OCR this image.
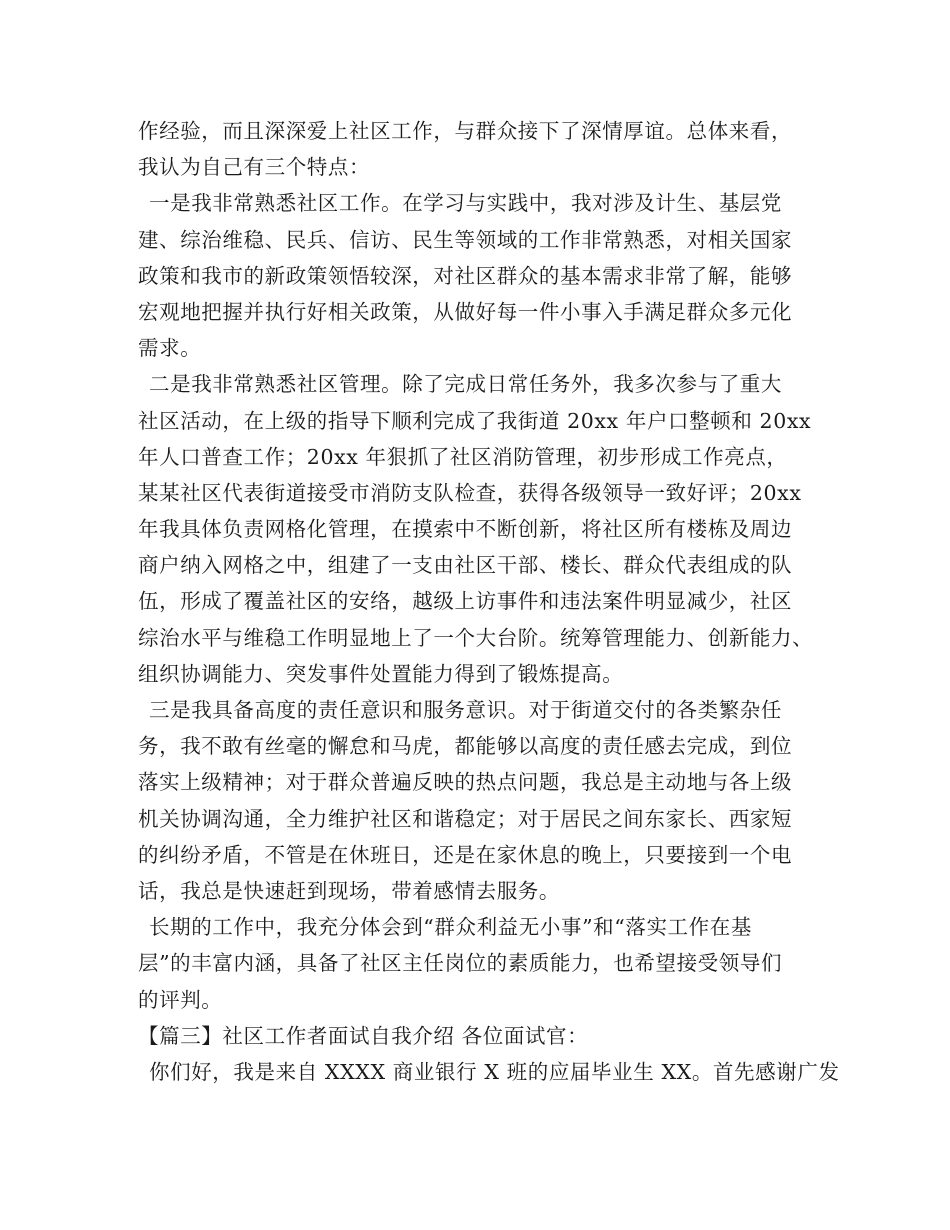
作经验，而且深深爱上社区工作，与群众接下了深情厚谊。总体来看，
我认为自己有三个特点：
一是我非常熟悉社区工作。在学习与实践中，我对涉及计生、基层党
建、综治维稳、民兵、信访、民生等领域的工作非常熟悉，对相关国家
政策和我市的新政策领悟较深，对社区群众的基本需求非常了解，能够
宏观地把握并执行好相关政策，从做好每一件小事入手满足群众多元化
需求。
二是我非常熟悉社区管理。除了完成日常任务外，我多次参与了重大
社区活动，在上级的指导下顺利完成了我街道 20xx 年户口整顿和 20xx
年人口普查工作；20xx 年狠抓了社区消防管理，初步形成工作亮点，
某某社区代表街道接受市消防支队检查，获得各级领导一致好评；20xx
年我具体负责网格化管理，在摸索中不断创新，将社区所有楼栋及周边
商户纳入网格之中，组建了一支由社区干部、楼长、群众代表组成的队
伍，形成了覆盖社区的安络，越级上访事件和违法案件明显减少，社区
综治水平与维稳工作明显地上了一个大台阶。统筹管理能力、创新能力、
组织协调能力、突发事件处置能力得到了锻炼提高。
三是我具备高度的责任意识和服务意识。对于街道交付的各类繁杂任
务，我不敢有丝毫的懈怠和马虎，都能够以高度的责任感去完成，到位
落实上级精神；对于群众普遍反映的热点问题，我总是主动地与各上级
机关协调沟通，全力维护社区和谐稳定；对于居民之间东家长、西家短
的纠纷矛盾，不管是在休班日，还是在家休息的晚上，只要接到一个电
话，我总是快速赶到现场，带着感情去服务。
长期的工作中，我充分体会到“群众利益无小事”和“落实工作在基
层”的丰富内涵，具备了社区主任岗位的素质能力，也希望接受领导们
的评判。
【篇三】社区工作者面试自我介绍 各位面试官：
你们好，我是来自 XXXX 商业银行 X 班的应届毕业生 XX。首先感谢广发
